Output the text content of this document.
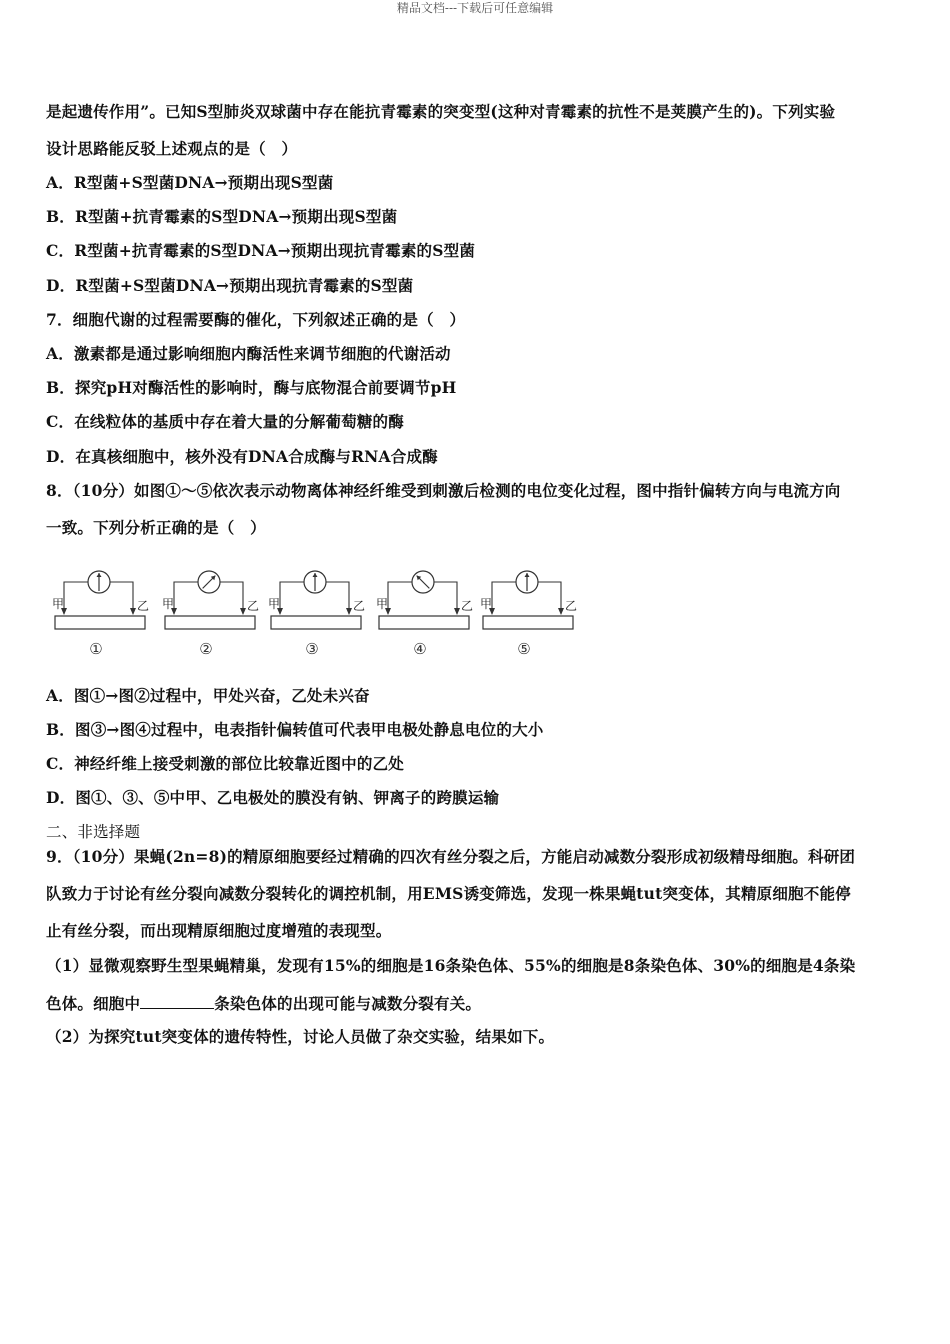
精品文档---下载后可任意编辑
是起遗传作用”。已知S型肺炎双球菌中存在能抗青霉素的突变型(这种对青霉素的抗性不是荚膜产生的)。下列实验
设计思路能反驳上述观点的是（　）
A．R型菌+S型菌DNA→预期出现S型菌
B．R型菌+抗青霉素的S型DNA→预期出现S型菌
C．R型菌+抗青霉素的S型DNA→预期出现抗青霉素的S型菌
D．R型菌+S型菌DNA→预期出现抗青霉素的S型菌
7．细胞代谢的过程需要酶的催化，下列叙述正确的是（　）
A．激素都是通过影响细胞内酶活性来调节细胞的代谢活动
B．探究pH对酶活性的影响时，酶与底物混合前要调节pH
C．在线粒体的基质中存在着大量的分解葡萄糖的酶
D．在真核细胞中，核外没有DNA合成酶与RNA合成酶
8．（10分）如图①～⑤依次表示动物离体神经纤维受到刺激后检测的电位变化过程，图中指针偏转方向与电流方向
一致。下列分析正确的是（　）
甲	乙
①
甲	乙
②
甲	乙
③
甲	乙
④
甲	乙
⑤
A．图①→图②过程中，甲处兴奋，乙处未兴奋
B．图③→图④过程中，电表指针偏转值可代表甲电极处静息电位的大小
C．神经纤维上接受刺激的部位比较靠近图中的乙处
D．图①、③、⑤中甲、乙电极处的膜没有钠、钾离子的跨膜运输
二、非选择题
9．（10分）果蝇(2n=8)的精原细胞要经过精确的四次有丝分裂之后，方能启动减数分裂形成初级精母细胞。科研团
队致力于讨论有丝分裂向减数分裂转化的调控机制，用EMS诱变筛选，发现一株果蝇tut突变体，其精原细胞不能停
止有丝分裂，而出现精原细胞过度增殖的表现型。
（1）显微观察野生型果蝇精巢，发现有15%的细胞是16条染色体、55%的细胞是8条染色体、30%的细胞是4条染
色体。细胞中	条染色体的出现可能与减数分裂有关。
（2）为探究tut突变体的遗传特性，讨论人员做了杂交实验，结果如下。
